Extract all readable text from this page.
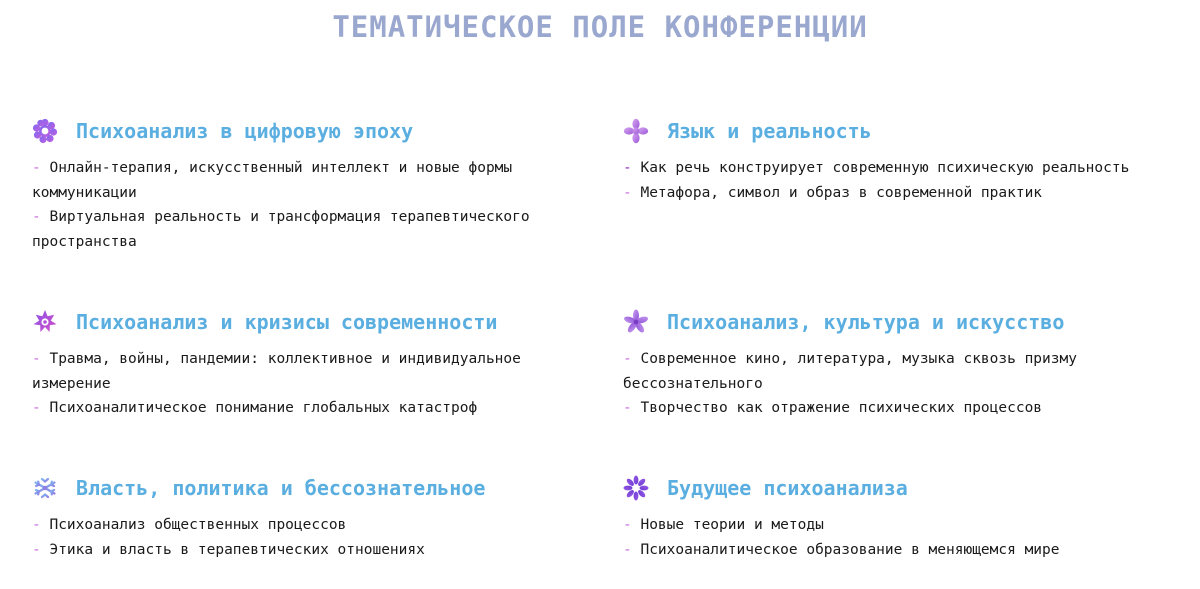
ТЕМАТИЧЕСКОЕ ПОЛЕ КОНФЕРЕНЦИИ
Психоанализ в цифровую эпоху
- Онлайн-терапия, искусственный интеллект и новые формы коммуникации
- Виртуальная реальность и трансформация терапевтического пространства
Язык и реальность
- Как речь конструирует современную психическую реальность
- Метафора, символ и образ в современной практик
Психоанализ и кризисы современности
- Травма, войны, пандемии: коллективное и индивидуальное измерение
- Психоаналитическое понимание глобальных катастроф
Психоанализ, культура и искусство
- Современное кино, литература, музыка сквозь призму бессознательного
- Творчество как отражение психических процессов
Власть, политика и бессознательное
- Психоанализ общественных процессов
- Этика и власть в терапевтических отношениях
Будущее психоанализа
- Новые теории и методы
- Психоаналитическое образование в меняющемся мире
